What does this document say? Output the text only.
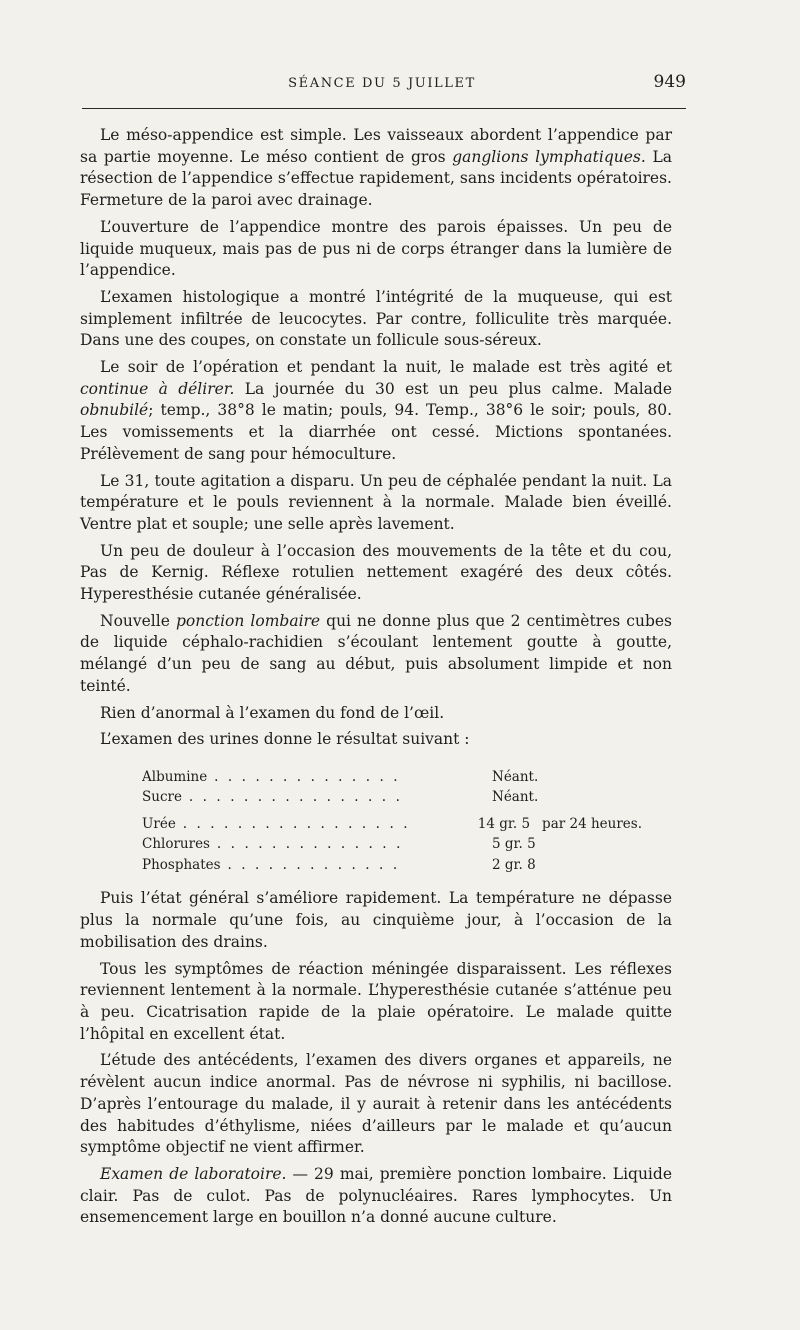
SÉANCE DU 5 JUILLET	949

Le méso-appendice est simple. Les vaisseaux abordent l’appendice par sa partie moyenne. Le méso contient de gros ganglions lymphatiques. La résection de l’appendice s’effectue rapidement, sans incidents opératoires. Fermeture de la paroi avec drainage.

L’ouverture de l’appendice montre des parois épaisses. Un peu de liquide muqueux, mais pas de pus ni de corps étranger dans la lumière de l’appendice.

L’examen histologique a montré l’intégrité de la muqueuse, qui est simplement infiltrée de leucocytes. Par contre, folliculite très marquée. Dans une des coupes, on constate un follicule sous-séreux.

Le soir de l’opération et pendant la nuit, le malade est très agité et continue à délirer. La journée du 30 est un peu plus calme. Malade obnubilé; temp., 38°8 le matin; pouls, 94. Temp., 38°6 le soir; pouls, 80. Les vomissements et la diarrhée ont cessé. Mictions spontanées. Prélèvement de sang pour hémoculture.

Le 31, toute agitation a disparu. Un peu de céphalée pendant la nuit. La température et le pouls reviennent à la normale. Malade bien éveillé. Ventre plat et souple; une selle après lavement.

Un peu de douleur à l’occasion des mouvements de la tête et du cou, Pas de Kernig. Réflexe rotulien nettement exagéré des deux côtés. Hyperesthésie cutanée généralisée.

Nouvelle ponction lombaire qui ne donne plus que 2 centimètres cubes de liquide céphalo-rachidien s’écoulant lentement goutte à goutte, mélangé d’un peu de sang au début, puis absolument limpide et non teinté.

Rien d’anormal à l’examen du fond de l’œil.

L’examen des urines donne le résultat suivant :

Albumine . . . . . . . . . . . . . .	Néant.
Sucre . . . . . . . . . . . . . . . .	Néant.
Urée . . . . . . . . . . . . . . . . .	14 gr. 5 par 24 heures.
Chlorures . . . . . . . . . . . . . .	5 gr. 5
Phosphates . . . . . . . . . . . . .	2 gr. 8

Puis l’état général s’améliore rapidement. La température ne dépasse plus la normale qu’une fois, au cinquième jour, à l’occasion de la mobilisation des drains.

Tous les symptômes de réaction méningée disparaissent. Les réflexes reviennent lentement à la normale. L’hyperesthésie cutanée s’atténue peu à peu. Cicatrisation rapide de la plaie opératoire. Le malade quitte l’hôpital en excellent état.

L’étude des antécédents, l’examen des divers organes et appareils, ne révèlent aucun indice anormal. Pas de névrose ni syphilis, ni bacillose. D’après l’entourage du malade, il y aurait à retenir dans les antécédents des habitudes d’éthylisme, niées d’ailleurs par le malade et qu’aucun symptôme objectif ne vient affirmer.

Examen de laboratoire. — 29 mai, première ponction lombaire. Liquide clair. Pas de culot. Pas de polynucléaires. Rares lymphocytes. Un ensemencement large en bouillon n’a donné aucune culture.
